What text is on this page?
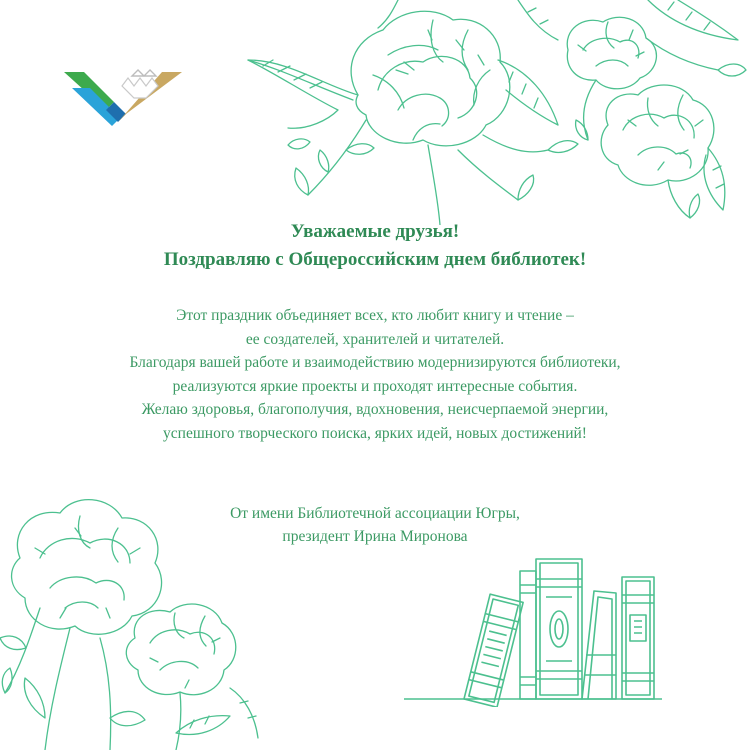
Уважаемые друзья!
Поздравляю с Общероссийским днем библиотек!
Этот праздник объединяет всех, кто любит книгу и чтение –
ее создателей, хранителей и читателей.
Благодаря вашей работе и взаимодействию модернизируются библиотеки,
реализуются яркие проекты и проходят интересные события.
Желаю здоровья, благополучия, вдохновения, неисчерпаемой энергии,
успешного творческого поиска, ярких идей, новых достижений!
От имени Библиотечной ассоциации Югры,
президент Ирина Миронова
